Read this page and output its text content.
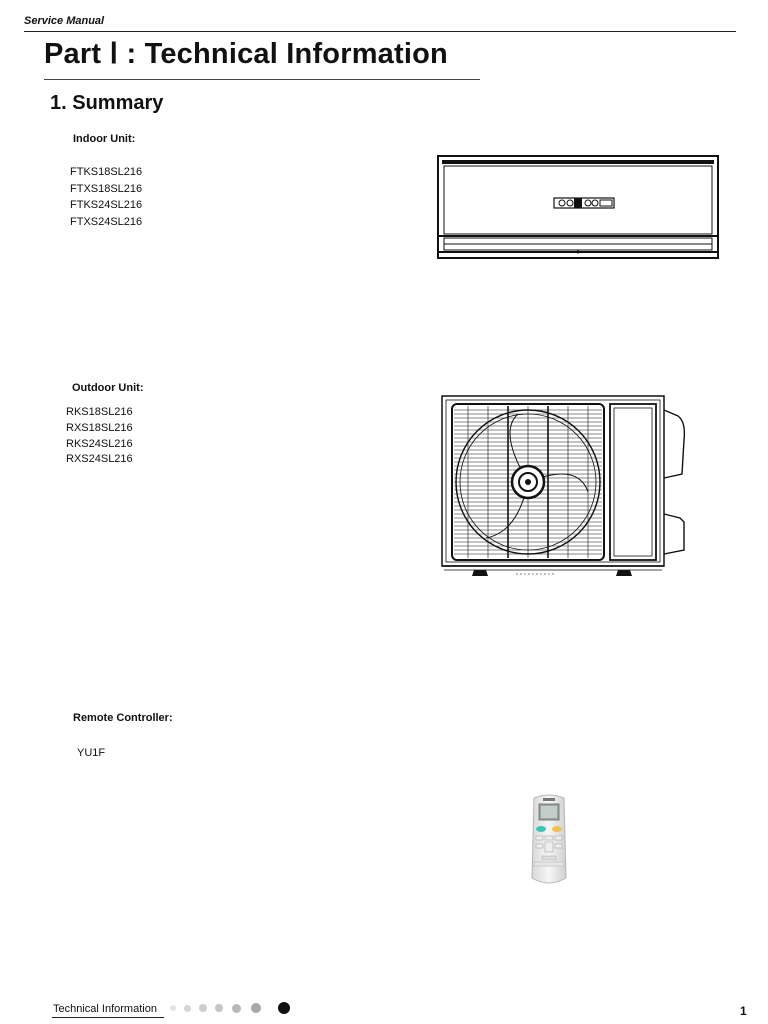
Service Manual
Part Ⅰ : Technical Information
1. Summary
Indoor Unit:
FTKS18SL216
FTXS18SL216
FTKS24SL216
FTXS24SL216
Outdoor Unit:
RKS18SL216
RXS18SL216
RKS24SL216
RXS24SL216
Remote Controller:
YU1F
Technical Information	1
